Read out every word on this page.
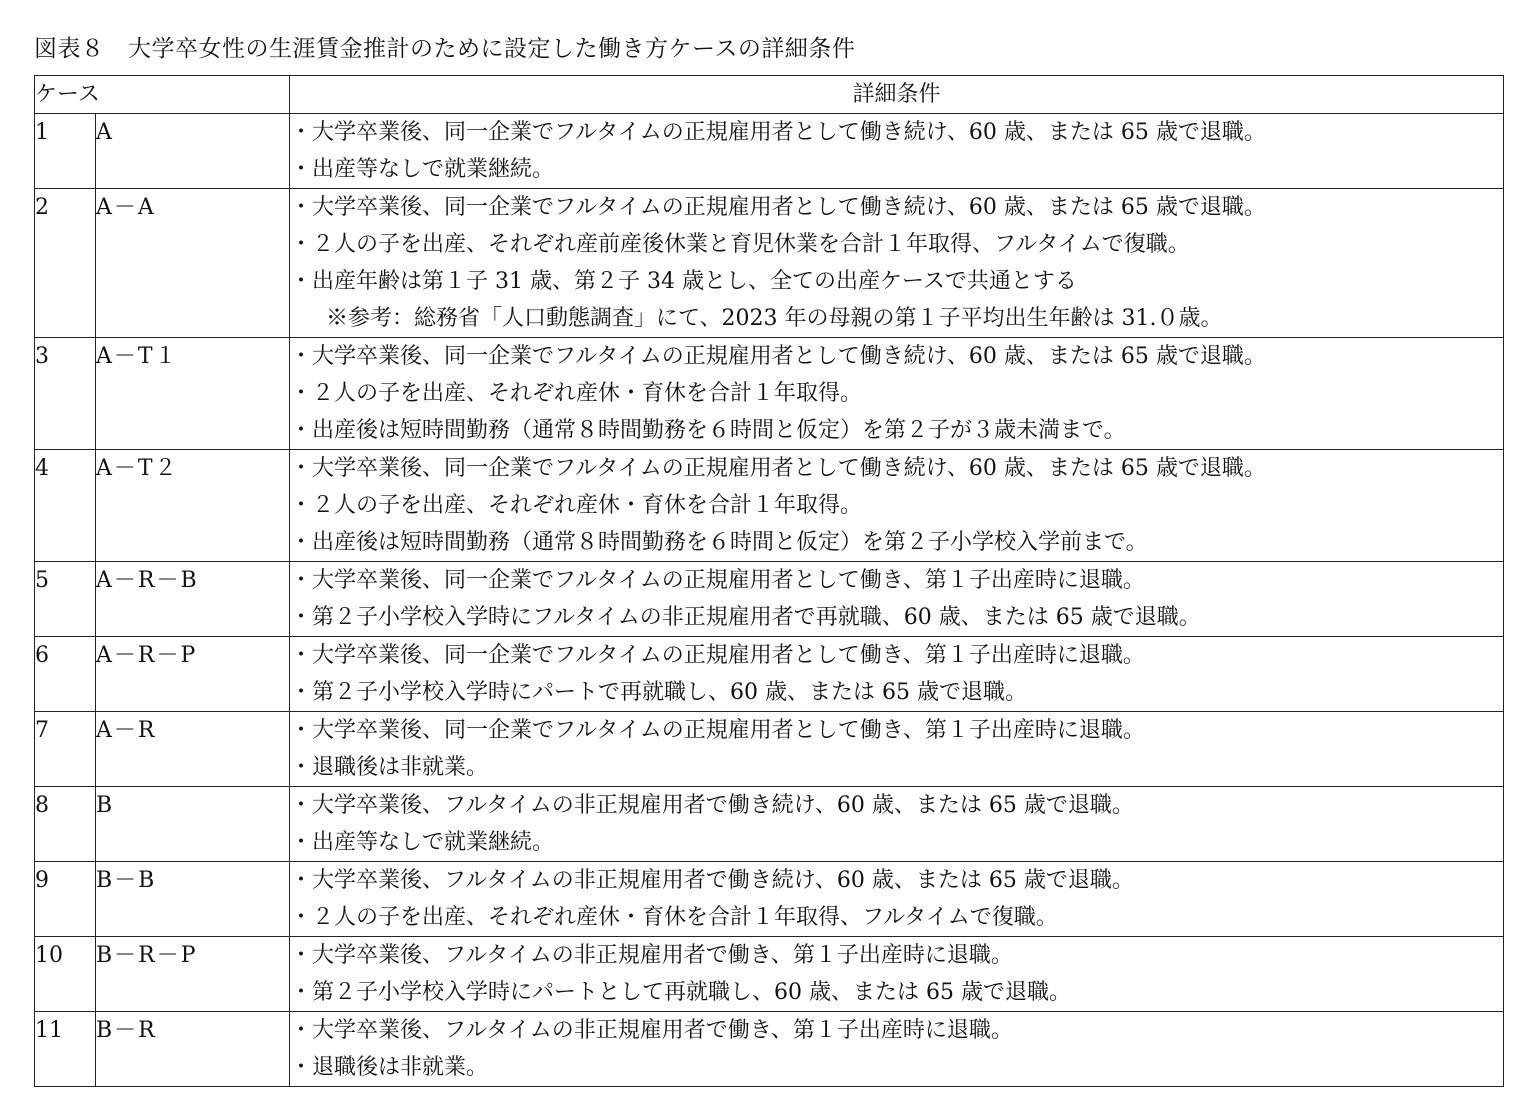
図表８　大学卒女性の生涯賃金推計のために設定した働き方ケースの詳細条件
ケース		詳細条件
1	A	・大学卒業後、同一企業でフルタイムの正規雇用者として働き続け、60 歳、または 65 歳で退職。
・出産等なしで就業継続。

2	A－A	・大学卒業後、同一企業でフルタイムの正規雇用者として働き続け、60 歳、または 65 歳で退職。
・２人の子を出産、それぞれ産前産後休業と育児休業を合計１年取得、フルタイムで復職。
・出産年齢は第１子 31 歳、第２子 34 歳とし、全ての出産ケースで共通とする
※参考：総務省「人口動態調査」にて、2023 年の母親の第１子平均出生年齢は 31.０歳。

3	A－T１	・大学卒業後、同一企業でフルタイムの正規雇用者として働き続け、60 歳、または 65 歳で退職。
・２人の子を出産、それぞれ産休・育休を合計１年取得。
・出産後は短時間勤務（通常８時間勤務を６時間と仮定）を第２子が３歳未満まで。

4	A－T２	・大学卒業後、同一企業でフルタイムの正規雇用者として働き続け、60 歳、または 65 歳で退職。
・２人の子を出産、それぞれ産休・育休を合計１年取得。
・出産後は短時間勤務（通常８時間勤務を６時間と仮定）を第２子小学校入学前まで。

5	A－R－B	・大学卒業後、同一企業でフルタイムの正規雇用者として働き、第１子出産時に退職。
・第２子小学校入学時にフルタイムの非正規雇用者で再就職、60 歳、または 65 歳で退職。

6	A－R－P	・大学卒業後、同一企業でフルタイムの正規雇用者として働き、第１子出産時に退職。
・第２子小学校入学時にパートで再就職し、60 歳、または 65 歳で退職。

7	A－R	・大学卒業後、同一企業でフルタイムの正規雇用者として働き、第１子出産時に退職。
・退職後は非就業。

8	B	・大学卒業後、フルタイムの非正規雇用者で働き続け、60 歳、または 65 歳で退職。
・出産等なしで就業継続。

9	B－B	・大学卒業後、フルタイムの非正規雇用者で働き続け、60 歳、または 65 歳で退職。
・２人の子を出産、それぞれ産休・育休を合計１年取得、フルタイムで復職。

10	B－R－P	・大学卒業後、フルタイムの非正規雇用者で働き、第１子出産時に退職。
・第２子小学校入学時にパートとして再就職し、60 歳、または 65 歳で退職。

11	B－R	・大学卒業後、フルタイムの非正規雇用者で働き、第１子出産時に退職。
・退職後は非就業。
